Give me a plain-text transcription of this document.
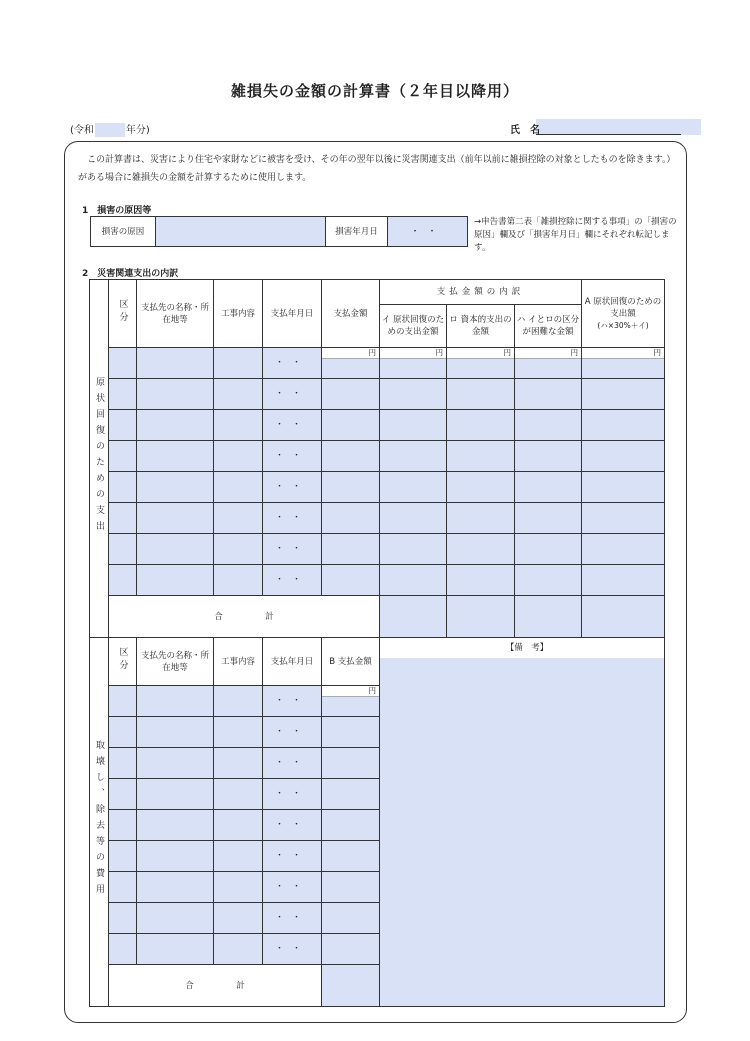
雑損失の金額の計算書（２年目以降用）
(令和	年分)	氏名
この計算書は、災害により住宅や家財などに被害を受け、その年の翌年以後に災害関連支出（前年以前に雑損控除の対象としたものを除きます。）がある場合に雑損失の金額を計算するために使用します。
1　損害の原因等
損害の原因		損害年月日	・・
→申告書第二表「雑損控除に関する事項」の「損害の原因」欄及び「損害年月日」欄にそれぞれ転記します。
2　災害関連支出の内訳
原状回復のための支出	区分	支払先の名称・所在地等	工事内容	支払年月日	支払金額	支払金額の内訳			A 原状回復のための支出額
(ハ×30%＋イ)

						イ 原状回復のための支出金額	ロ 資本的支出の金額	ハ イとロの区分が困難な金額	
				・・	円	円	円	円	円

				・・					
				・・					
				・・					
				・・					
				・・					
				・・					
				・・					
	合　　　　　計								
取壊し、除去等の費用	区分	支払先の名称・所在地等	工事内容	支払年月日	B 支払金額	【備　考】

				・・	円	

				・・		
				・・		
				・・		
				・・		
				・・		
				・・		
				・・		
				・・		
	合　　　　　計					
